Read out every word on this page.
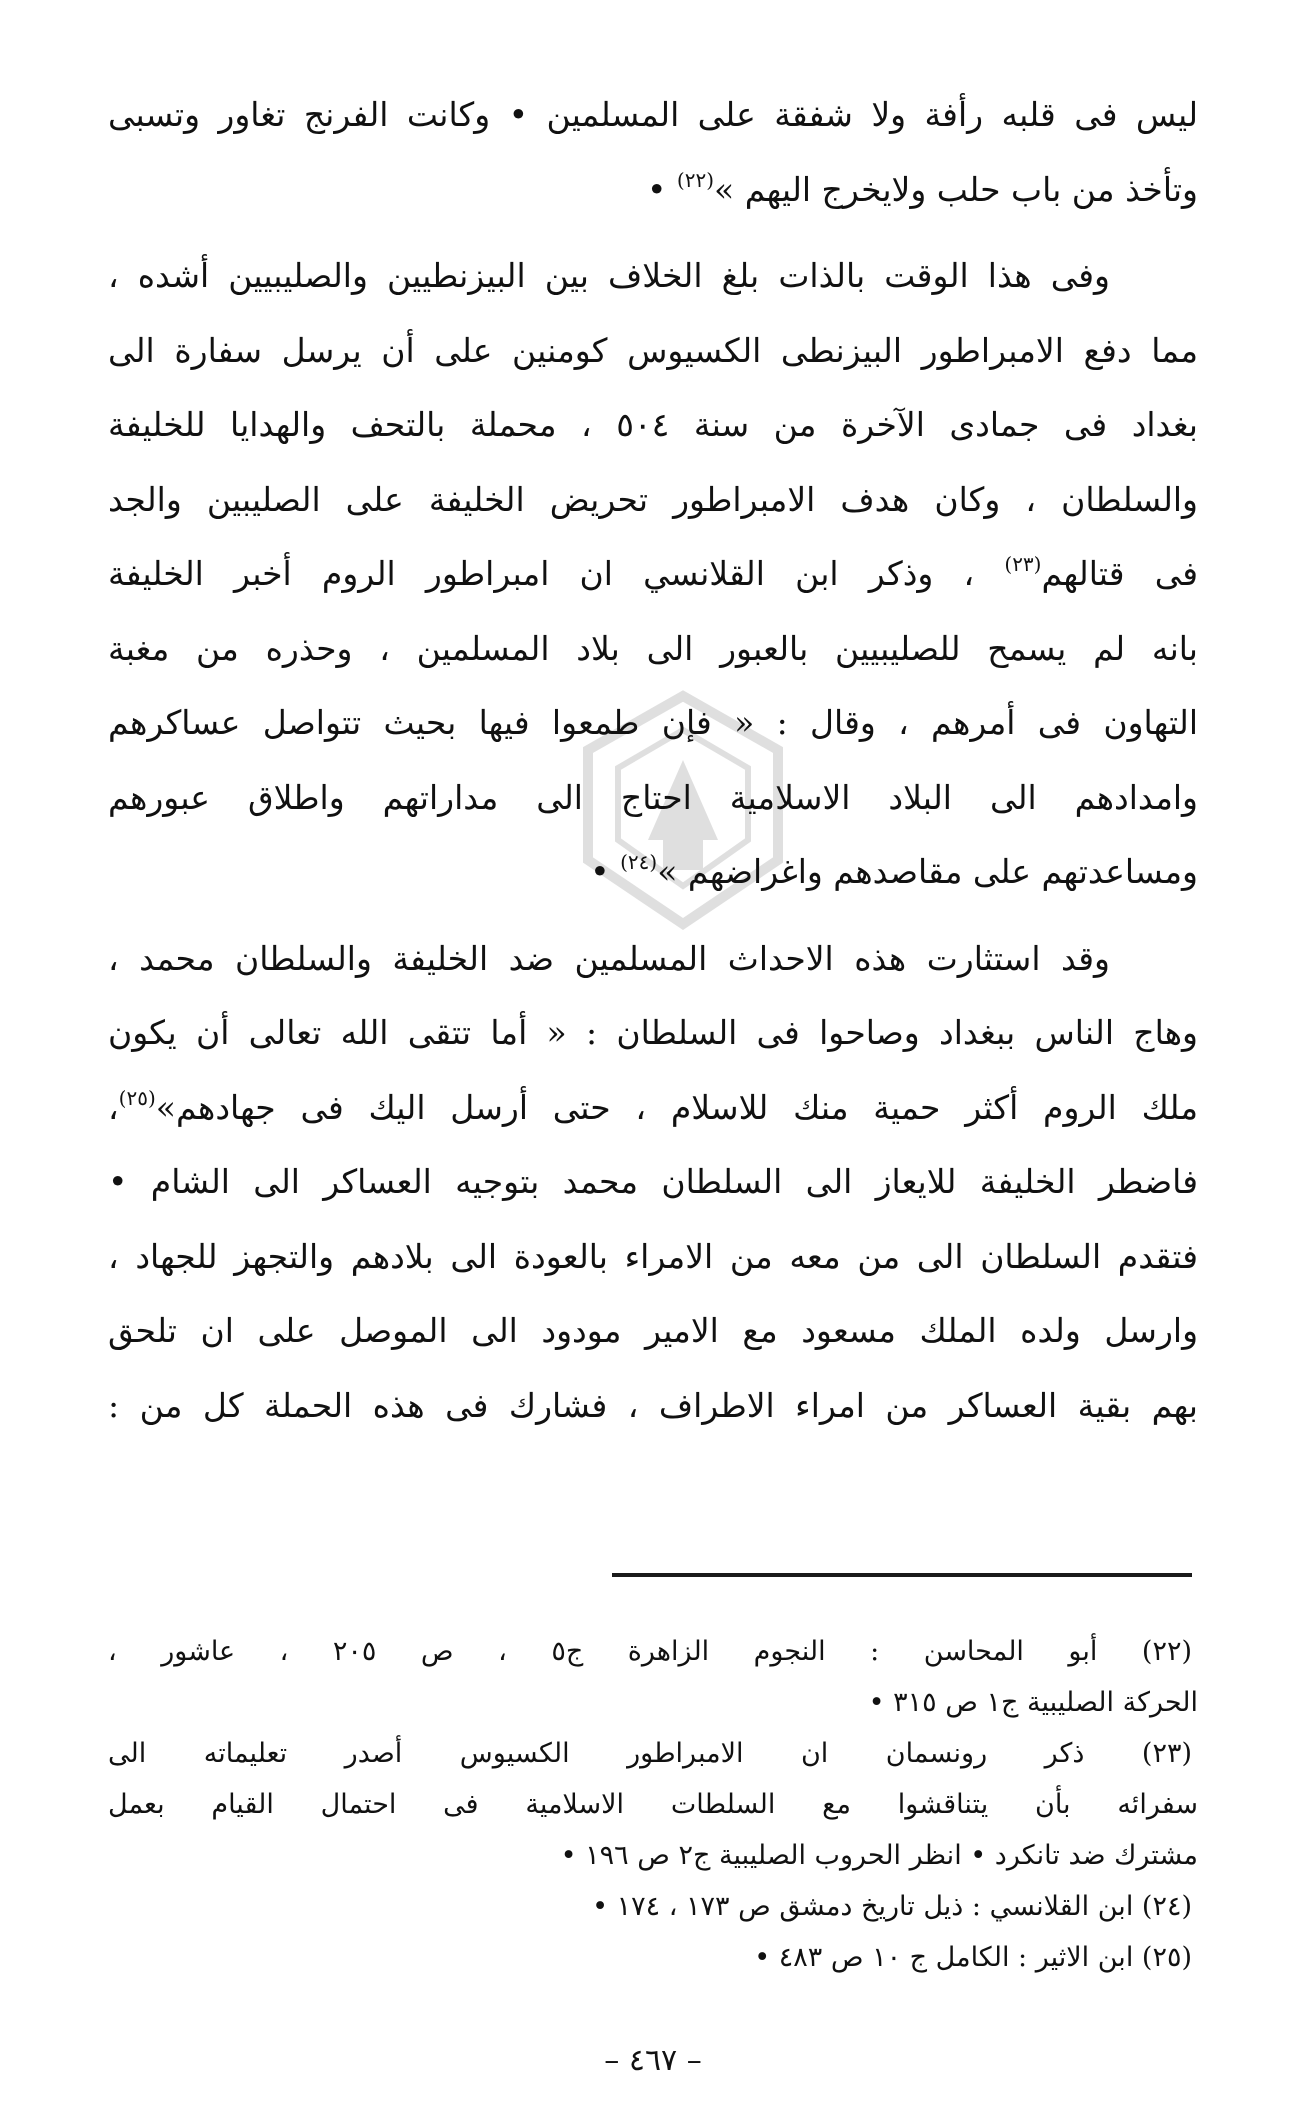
ليس فى قلبه رأفة ولا شفقة على المسلمين • وكانت الفرنج تغاور وتسبى
وتأخذ من باب حلب ولايخرج اليهم »$^{(٢٢)}$ •
وفى هذا الوقت بالذات بلغ الخلاف بين البيزنطيين والصليبيين أشده ،
مما دفع الامبراطور البيزنطى الكسيوس كومنين على أن يرسل سفارة الى
بغداد فى جمادى الآخرة من سنة ٥٠٤ ، محملة بالتحف والهدايا للخليفة
والسلطان ، وكان هدف الامبراطور تحريض الخليفة على الصليبين والجد
فى قتالهم$^{(٢٣)}$ ، وذكر ابن القلانسي ان امبراطور الروم أخبر الخليفة
بانه لم يسمح للصليبيين بالعبور الى بلاد المسلمين ، وحذره من مغبة
التهاون فى أمرهم ، وقال : « فإن طمعوا فيها بحيث تتواصل عساكرهم
وامدادهم الى البلاد الاسلامية احتاج الى مداراتهم واطلاق عبورهم
ومساعدتهم على مقاصدهم واغراضهم »$^{(٢٤)}$ •
وقد استثارت هذه الاحداث المسلمين ضد الخليفة والسلطان محمد ،
وهاج الناس ببغداد وصاحوا فى السلطان : « أما تتقى الله تعالى أن يكون
ملك الروم أكثر حمية منك للاسلام ، حتى أرسل اليك فى جهادهم»$^{(٢٥)}$،
فاضطر الخليفة للايعاز الى السلطان محمد بتوجيه العساكر الى الشام •
فتقدم السلطان الى من معه من الامراء بالعودة الى بلادهم والتجهز للجهاد ،
وارسل ولده الملك مسعود مع الامير مودود الى الموصل على ان تلحق
بهم بقية العساكر من امراء الاطراف ، فشارك فى هذه الحملة كل من :
(٢٢) أبو المحاسن : النجوم الزاهرة ج٥ ، ص ٢٠٥ ، عاشور ،
الحركة الصليبية ج١ ص ٣١٥ •
(٢٣) ذكر رونسمان ان الامبراطور الكسيوس أصدر تعليماته الى
سفرائه بأن يتناقشوا مع السلطات الاسلامية فى احتمال القيام بعمل
مشترك ضد تانكرد • انظر الحروب الصليبية ج٢ ص ١٩٦ •
(٢٤) ابن القلانسي : ذيل تاريخ دمشق ص ١٧٣ ، ١٧٤ •
(٢٥) ابن الاثير : الكامل ج ١٠ ص ٤٨٣ •
– ٤٦٧ –
